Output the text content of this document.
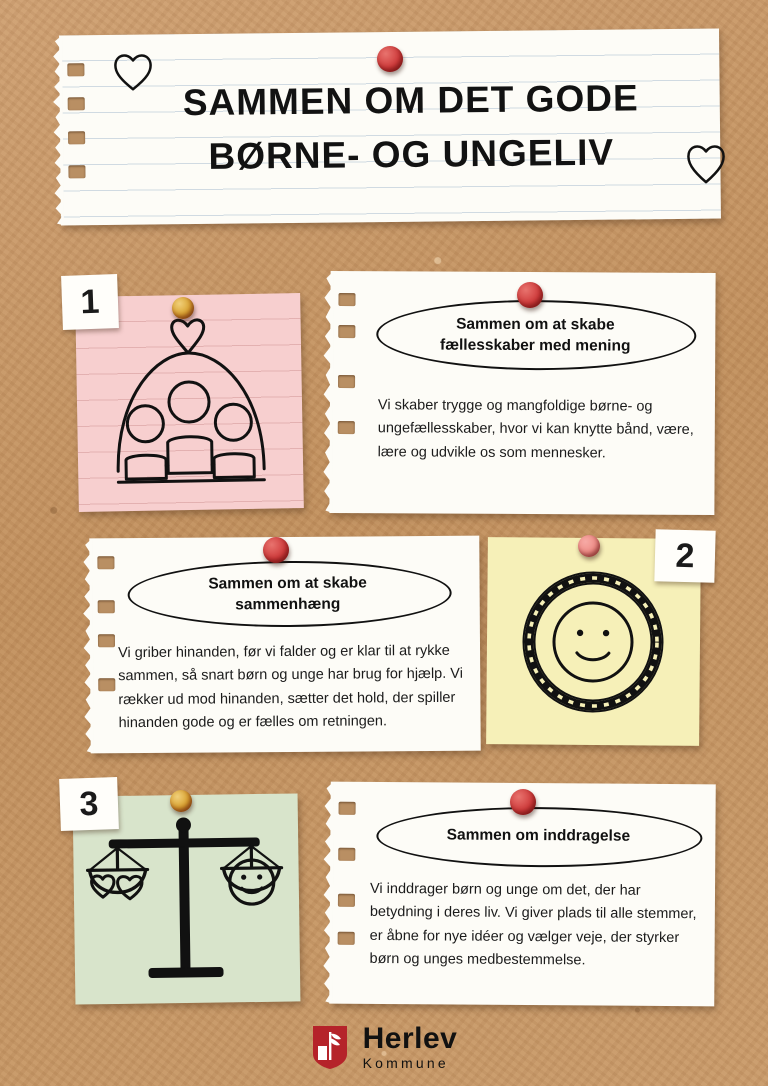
SAMMEN OM DET GODE
BØRNE- OG UNGELIV
1
Sammen om at skabe
fællesskaber med mening
Vi skaber trygge og mangfoldige børne- og ungefællesskaber, hvor vi kan knytte bånd, være, lære og udvikle os som mennesker.
Sammen om at skabe
sammenhæng
Vi griber hinanden, før vi falder og er klar til at rykke sammen, så snart børn og unge har brug for hjælp. Vi rækker ud mod hinanden, sætter det hold, der spiller hinanden gode og er fælles om retningen.
2
3
Sammen om inddragelse
Vi inddrager børn og unge om det, der har betydning i deres liv. Vi giver plads til alle stemmer, er åbne for nye idéer og vælger veje, der styrker børn og unges medbestemmelse.
Herlev
Kommune
